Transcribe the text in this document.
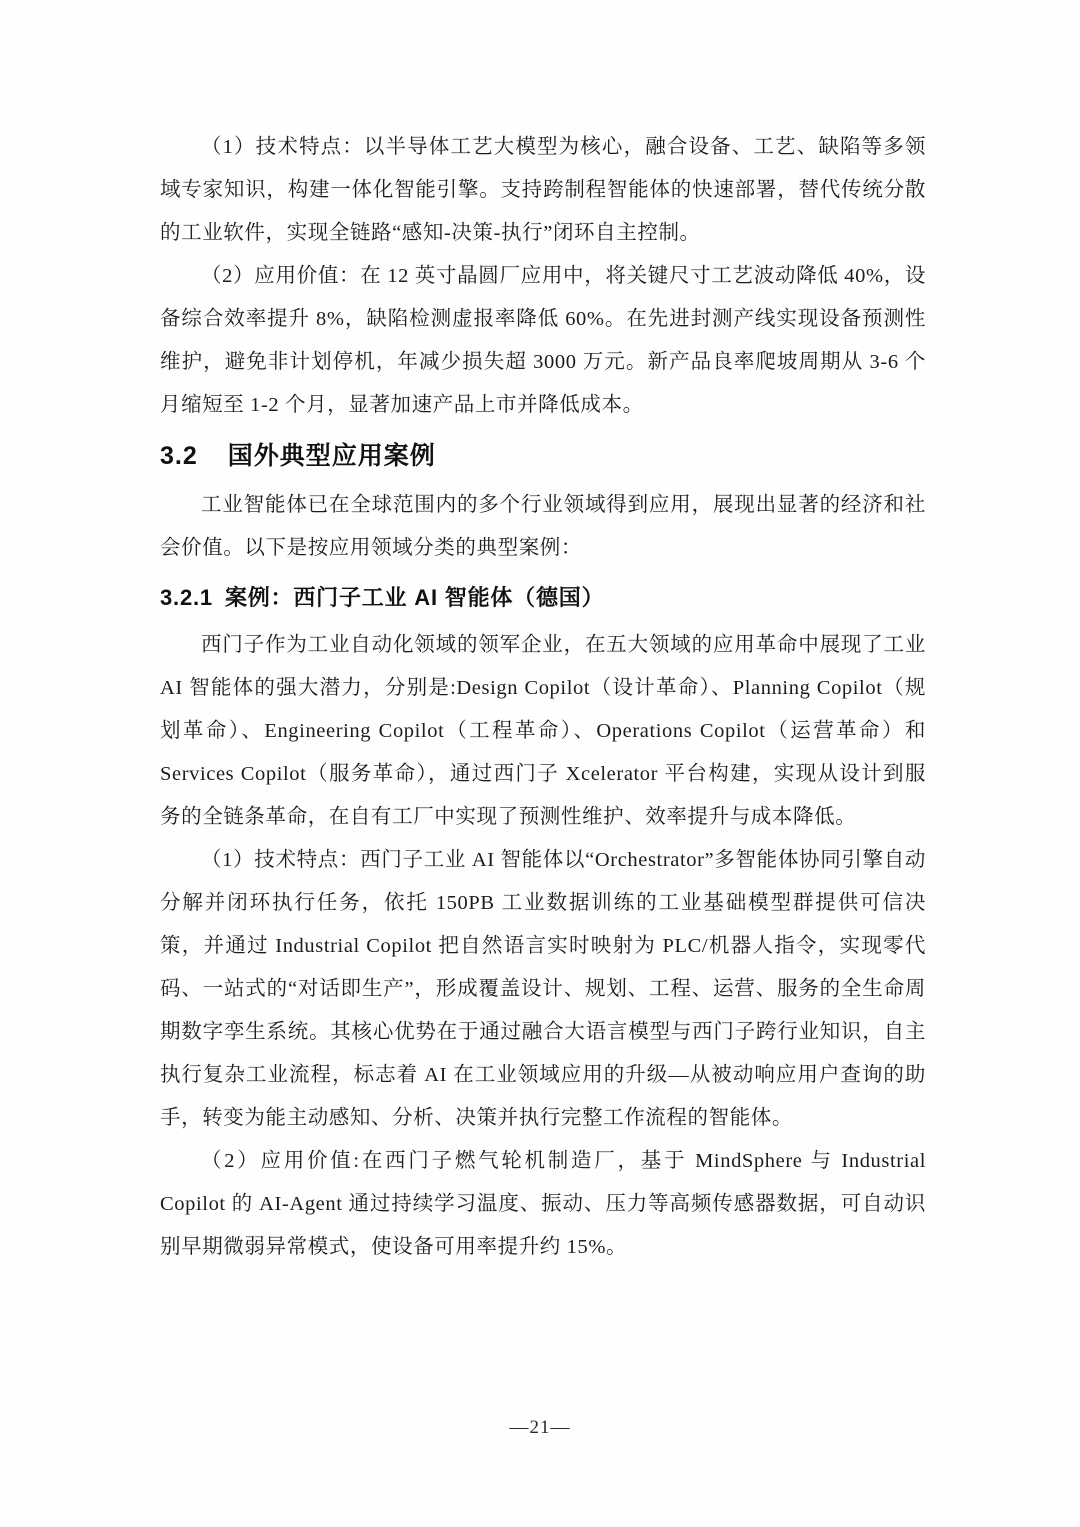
（1）技术特点：以半导体工艺大模型为核心，融合设备、工艺、缺陷等多领域专家知识，构建一体化智能引擎。支持跨制程智能体的快速部署，替代传统分散的工业软件，实现全链路“感知-决策-执行”闭环自主控制。

（2）应用价值：在 12 英寸晶圆厂应用中，将关键尺寸工艺波动降低 40%，设备综合效率提升 8%，缺陷检测虚报率降低 60%。在先进封测产线实现设备预测性维护，避免非计划停机，年减少损失超 3000 万元。新产品良率爬坡周期从 3-6 个月缩短至 1-2 个月，显著加速产品上市并降低成本。

3.2 国外典型应用案例

工业智能体已在全球范围内的多个行业领域得到应用，展现出显著的经济和社会价值。以下是按应用领域分类的典型案例：

3.2.1 案例：西门子工业 AI 智能体（德国）

西门子作为工业自动化领域的领军企业，在五大领域的应用革命中展现了工业 AI 智能体的强大潜力，分别是:Design Copilot（设计革命）、Planning Copilot（规划革命）、Engineering Copilot（工程革命）、Operations Copilot（运营革命）和 Services Copilot（服务革命），通过西门子 Xcelerator 平台构建，实现从设计到服务的全链条革命，在自有工厂中实现了预测性维护、效率提升与成本降低。

（1）技术特点：西门子工业 AI 智能体以“Orchestrator”多智能体协同引擎自动分解并闭环执行任务，依托 150PB 工业数据训练的工业基础模型群提供可信决策，并通过 Industrial Copilot 把自然语言实时映射为 PLC/机器人指令，实现零代码、一站式的“对话即生产”，形成覆盖设计、规划、工程、运营、服务的全生命周期数字孪生系统。其核心优势在于通过融合大语言模型与西门子跨行业知识，自主执行复杂工业流程，标志着 AI 在工业领域应用的升级—从被动响应用户查询的助手，转变为能主动感知、分析、决策并执行完整工作流程的智能体。

（2）应用价值:在西门子燃气轮机制造厂，基于 MindSphere 与 Industrial Copilot 的 AI-Agent 通过持续学习温度、振动、压力等高频传感器数据，可自动识别早期微弱异常模式，使设备可用率提升约 15%。

—21—
